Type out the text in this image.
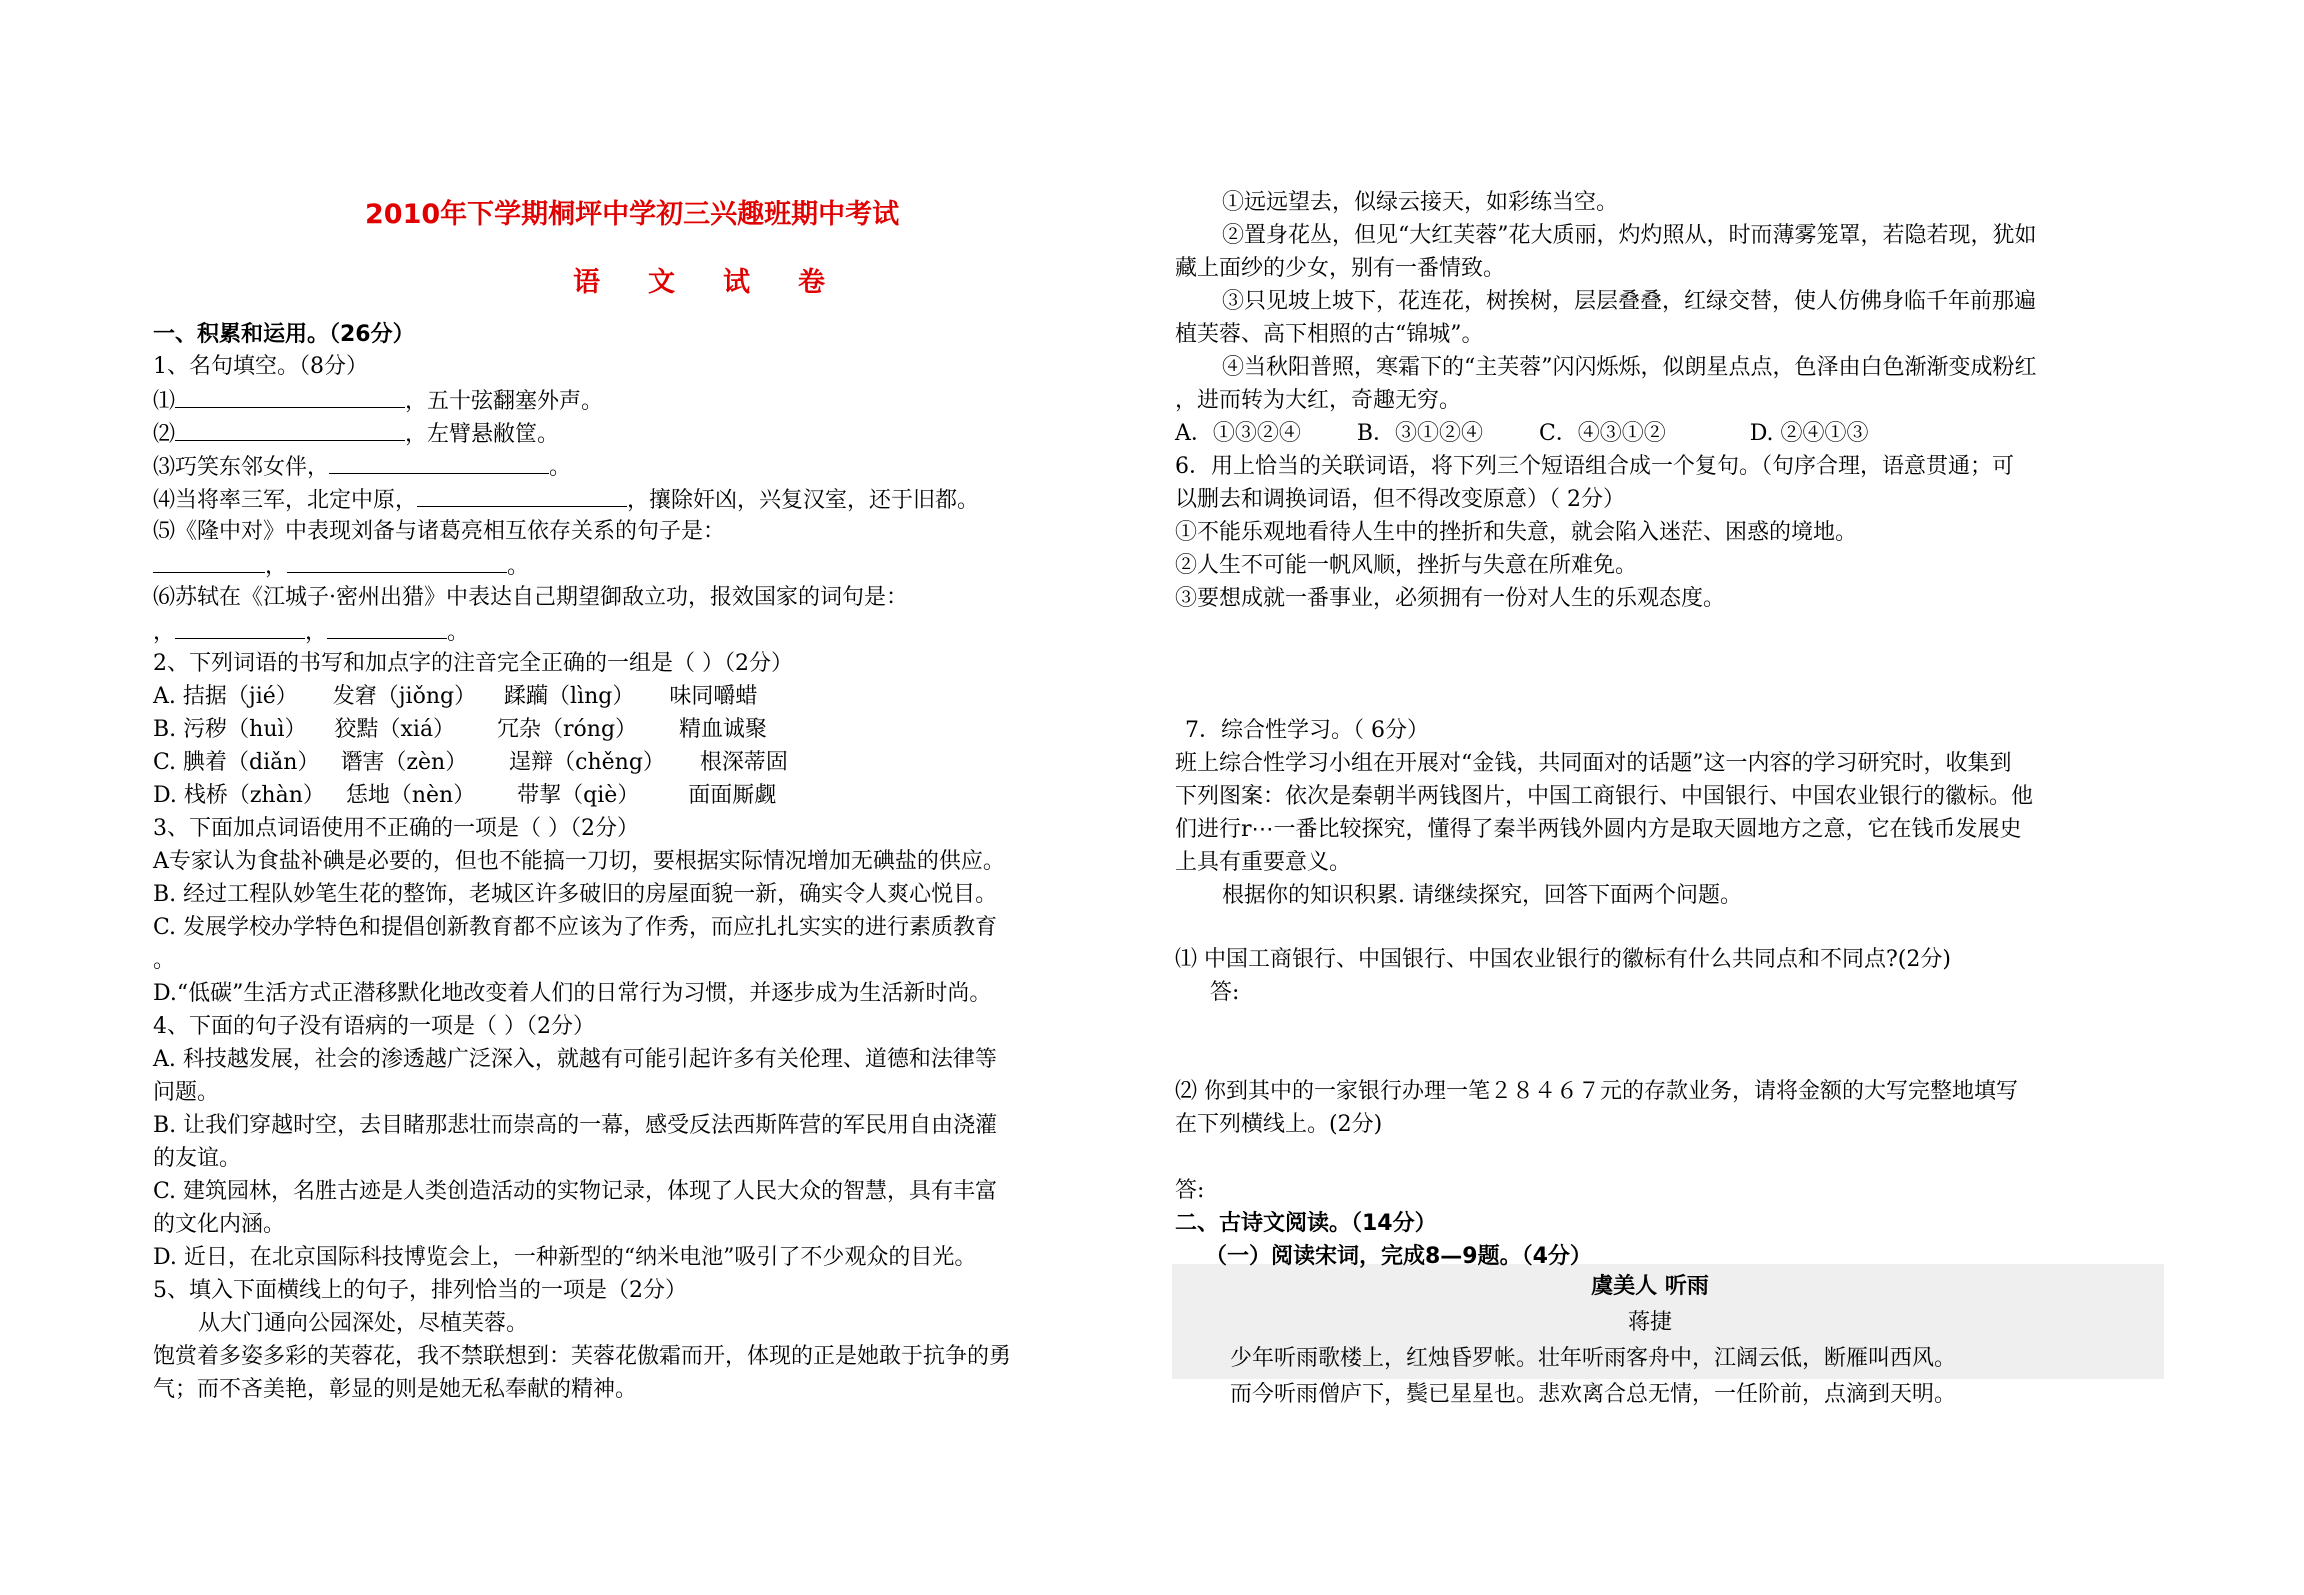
2010年下学期桐坪中学初三兴趣班期中考试
语文试卷
一、积累和运用。（26分）
1、名句填空。（8分）
⑴	，五十弦翻塞外声。
⑵	，左臂悬敝筐。
⑶巧笑东邻女伴，	。
⑷当将率三军，北定中原，	，攘除奸凶，兴复汉室，还于旧都。
⑸《隆中对》中表现刘备与诸葛亮相互依存关系的句子是：
，	。
⑹苏轼在《江城子·密州出猎》中表达自己期望御敌立功，报效国家的词句是：
，	，	。
2、下列词语的书写和加点字的注音完全正确的一组是（ ）（2分）
A. 拮据（jié）     发窘（jiǒng）    蹂躏（lìng）     味同嚼蜡
B. 污秽（huì）    狡黠（xiá）      冗杂（róng）      精血诚聚
C. 腆着（diǎn）   谮害（zèn）      逞辩（chěng）     根深蒂固
D. 栈桥（zhàn）   恁地（nèn）      带挈（qiè）       面面厮觑
3、下面加点词语使用不正确的一项是（ ）（2分）
A专家认为食盐补碘是必要的，但也不能搞一刀切，要根据实际情况增加无碘盐的供应。
B. 经过工程队妙笔生花的整饰，老城区许多破旧的房屋面貌一新，确实令人爽心悦目。
C. 发展学校办学特色和提倡创新教育都不应该为了作秀，而应扎扎实实的进行素质教育
。
D.“低碳”生活方式正潜移默化地改变着人们的日常行为习惯，并逐步成为生活新时尚。
4、下面的句子没有语病的一项是（ ）（2分）
A. 科技越发展，社会的渗透越广泛深入，就越有可能引起许多有关伦理、道德和法律等
问题。
B. 让我们穿越时空，去目睹那悲壮而崇高的一幕，感受反法西斯阵营的军民用自由浇灌
的友谊。
C. 建筑园林，名胜古迹是人类创造活动的实物记录，体现了人民大众的智慧，具有丰富
的文化内涵。
D. 近日，在北京国际科技博览会上，一种新型的“纳米电池”吸引了不少观众的目光。
5、填入下面横线上的句子，排列恰当的一项是（2分）
从大门通向公园深处，尽植芙蓉。
饱赏着多姿多彩的芙蓉花，我不禁联想到：芙蓉花傲霜而开，体现的正是她敢于抗争的勇
气；而不吝美艳，彰显的则是她无私奉献的精神。
①远远望去，似绿云接天，如彩练当空。
②置身花丛，但见“大红芙蓉”花大质丽，灼灼照从，时而薄雾笼罩，若隐若现，犹如
藏上面纱的少女，别有一番情致。
③只见坡上坡下，花连花，树挨树，层层叠叠，红绿交替，使人仿佛身临千年前那遍
植芙蓉、高下相照的古“锦城”。
④当秋阳普照，寒霜下的“主芙蓉”闪闪烁烁，似朗星点点，色泽由白色渐渐变成粉红
，进而转为大红，奇趣无穷。
A．①③②④        B．③①②④        C．④③①②            D. ②④①③
6．用上恰当的关联词语，将下列三个短语组合成一个复句。（句序合理，语意贯通；可
以删去和调换词语，但不得改变原意）（ 2分）
①不能乐观地看待人生中的挫折和失意，就会陷入迷茫、困惑的境地。
②人生不可能一帆风顺，挫折与失意在所难免。
③要想成就一番事业，必须拥有一份对人生的乐观态度。
7．综合性学习。（ 6分）
班上综合性学习小组在开展对“金钱，共同面对的话题”这一内容的学习研究时，收集到
下列图案：依次是秦朝半两钱图片，中国工商银行、中国银行、中国农业银行的徽标。他
们进行r⋯一番比较探究，懂得了秦半两钱外圆内方是取天圆地方之意，它在钱币发展史
上具有重要意义。
根据你的知识积累. 请继续探究，回答下面两个问题。
⑴ 中国工商银行、中国银行、中国农业银行的徽标有什么共同点和不同点?(2分)
答:
⑵ 你到其中的一家银行办理一笔２８４６７元的存款业务，请将金额的大写完整地填写
在下列横线上。(2分)
答:
二、古诗文阅读。（14分）
（一）阅读宋词，完成8—9题。（4分）
虞美人 听雨
蒋捷
少年听雨歌楼上，红烛昏罗帐。壮年听雨客舟中，江阔云低，断雁叫西风。
而今听雨僧庐下，鬓已星星也。悲欢离合总无情，一任阶前，点滴到天明。
